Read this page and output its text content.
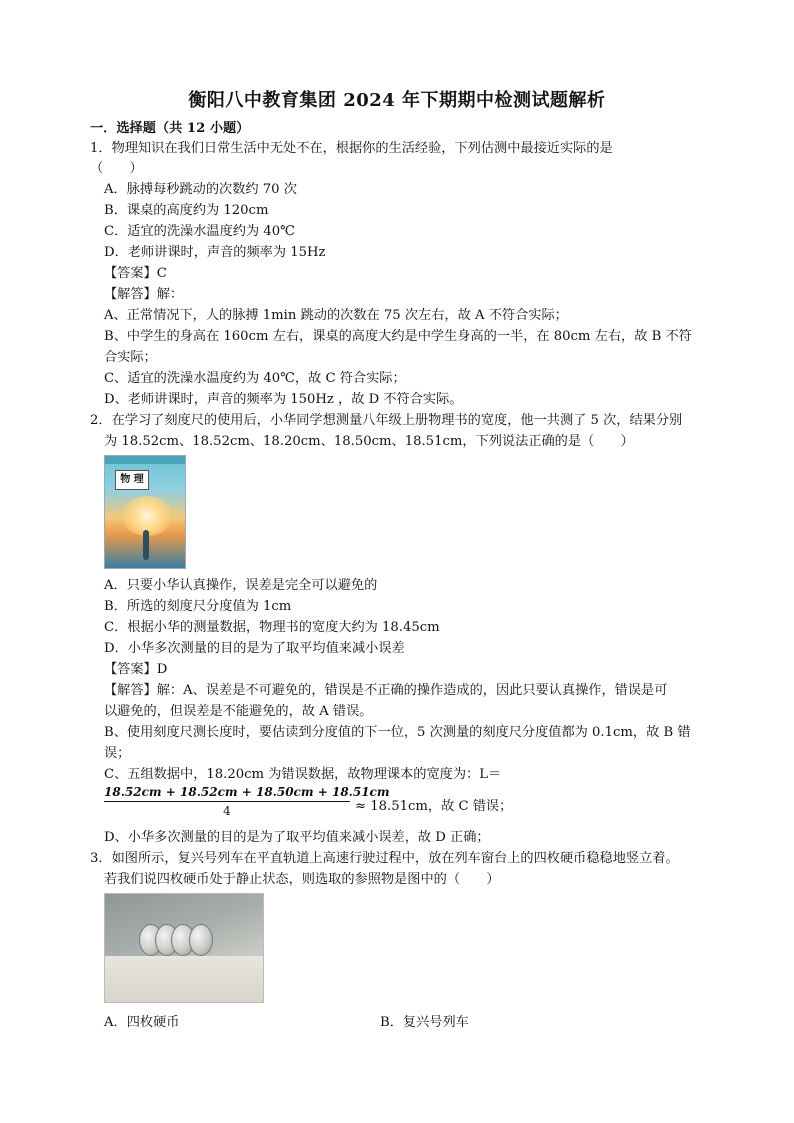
衡阳八中教育集团 2024 年下期期中检测试题解析
一．选择题（共 12 小题）
1．物理知识在我们日常生活中无处不在，根据你的生活经验，下列估测中最接近实际的是
（　　）
A．脉搏每秒跳动的次数约 70 次
B．课桌的高度约为 120cm
C．适宜的洗澡水温度约为 40℃
D．老师讲课时，声音的频率为 15Hz
【答案】C
【解答】解：
A、正常情况下，人的脉搏 1min 跳动的次数在 75 次左右，故 A 不符合实际；
B、中学生的身高在 160cm 左右，课桌的高度大约是中学生身高的一半，在 80cm 左右，故 B 不符
合实际；
C、适宜的洗澡水温度约为 40℃，故 C 符合实际；
D、老师讲课时，声音的频率为 150Hz ，故 D 不符合实际。
2．在学习了刻度尺的使用后，小华同学想测量八年级上册物理书的宽度，他一共测了 5 次，结果分别
为 18.52cm、18.52cm、18.20cm、18.50cm、18.51cm，下列说法正确的是（　　）
物 理
A．只要小华认真操作，误差是完全可以避免的
B．所选的刻度尺分度值为 1cm
C．根据小华的测量数据，物理书的宽度大约为 18.45cm
D．小华多次测量的目的是为了取平均值来减小误差
【答案】D
【解答】解：A、误差是不可避免的，错误是不正确的操作造成的，因此只要认真操作，错误是可
以避免的，但误差是不能避免的，故 A 错误。
B、使用刻度尺测长度时，要估读到分度值的下一位，5 次测量的刻度尺分度值都为 0.1cm，故 B 错
误；
C、五组数据中，18.20cm 为错误数据，故物理课本的宽度为：L＝
18.52cm + 18.52cm + 18.50cm + 18.51cm
4	≈ 18.51cm，故 C 错误；
D、小华多次测量的目的是为了取平均值来减小误差，故 D 正确；
3．如图所示，复兴号列车在平直轨道上高速行驶过程中，放在列车窗台上的四枚硬币稳稳地竖立着。
若我们说四枚硬币处于静止状态，则选取的参照物是图中的（　　）
A．四枚硬币	B．复兴号列车
